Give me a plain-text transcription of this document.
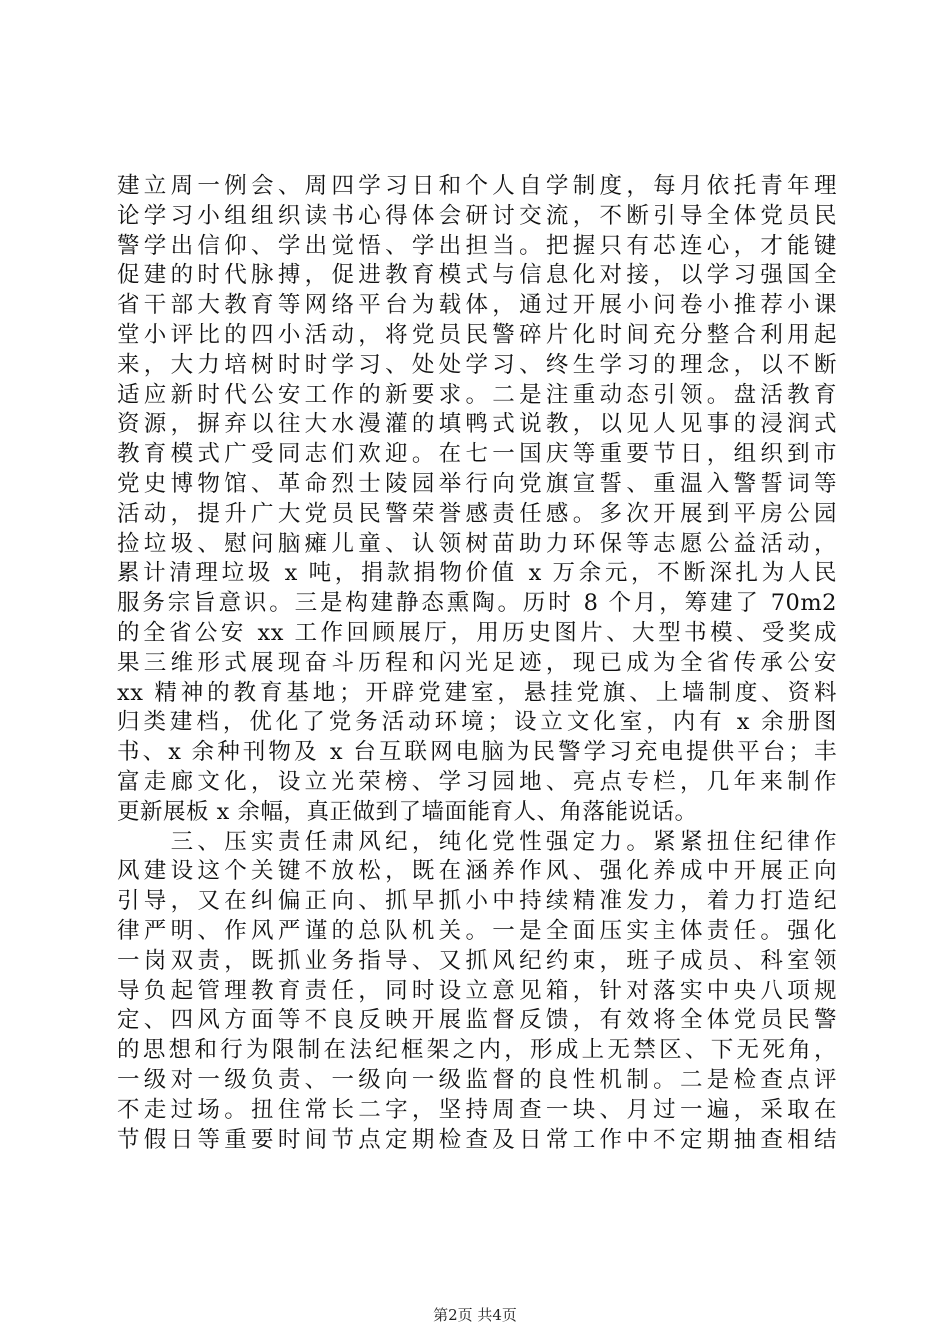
建立周一例会、周四学习日和个人自学制度，每月依托青年理
论学习小组组织读书心得体会研讨交流，不断引导全体党员民
警学出信仰、学出觉悟、学出担当。把握只有芯连心，才能键
促建的时代脉搏，促进教育模式与信息化对接，以学习强国全
省干部大教育等网络平台为载体，通过开展小问卷小推荐小课
堂小评比的四小活动，将党员民警碎片化时间充分整合利用起
来，大力培树时时学习、处处学习、终生学习的理念，以不断
适应新时代公安工作的新要求。二是注重动态引领。盘活教育
资源，摒弃以往大水漫灌的填鸭式说教，以见人见事的浸润式
教育模式广受同志们欢迎。在七一国庆等重要节日，组织到市
党史博物馆、革命烈士陵园举行向党旗宣誓、重温入警誓词等
活动，提升广大党员民警荣誉感责任感。多次开展到平房公园
捡垃圾、慰问脑瘫儿童、认领树苗助力环保等志愿公益活动，
累计清理垃圾 x 吨，捐款捐物价值 x 万余元，不断深扎为人民
服务宗旨意识。三是构建静态熏陶。历时 8 个月，筹建了 70m2
的全省公安 xx 工作回顾展厅，用历史图片、大型书模、受奖成
果三维形式展现奋斗历程和闪光足迹，现已成为全省传承公安
xx 精神的教育基地；开辟党建室，悬挂党旗、上墙制度、资料
归类建档，优化了党务活动环境；设立文化室，内有 x 余册图
书、x 余种刊物及 x 台互联网电脑为民警学习充电提供平台；丰
富走廊文化，设立光荣榜、学习园地、亮点专栏，几年来制作
更新展板 x 余幅，真正做到了墙面能育人、角落能说话。
　　三、压实责任肃风纪，纯化党性强定力。紧紧扭住纪律作
风建设这个关键不放松，既在涵养作风、强化养成中开展正向
引导，又在纠偏正向、抓早抓小中持续精准发力，着力打造纪
律严明、作风严谨的总队机关。一是全面压实主体责任。强化
一岗双责，既抓业务指导、又抓风纪约束，班子成员、科室领
导负起管理教育责任，同时设立意见箱，针对落实中央八项规
定、四风方面等不良反映开展监督反馈，有效将全体党员民警
的思想和行为限制在法纪框架之内，形成上无禁区、下无死角，
一级对一级负责、一级向一级监督的良性机制。二是检查点评
不走过场。扭住常长二字，坚持周查一块、月过一遍，采取在
节假日等重要时间节点定期检查及日常工作中不定期抽查相结
第2页 共4页
